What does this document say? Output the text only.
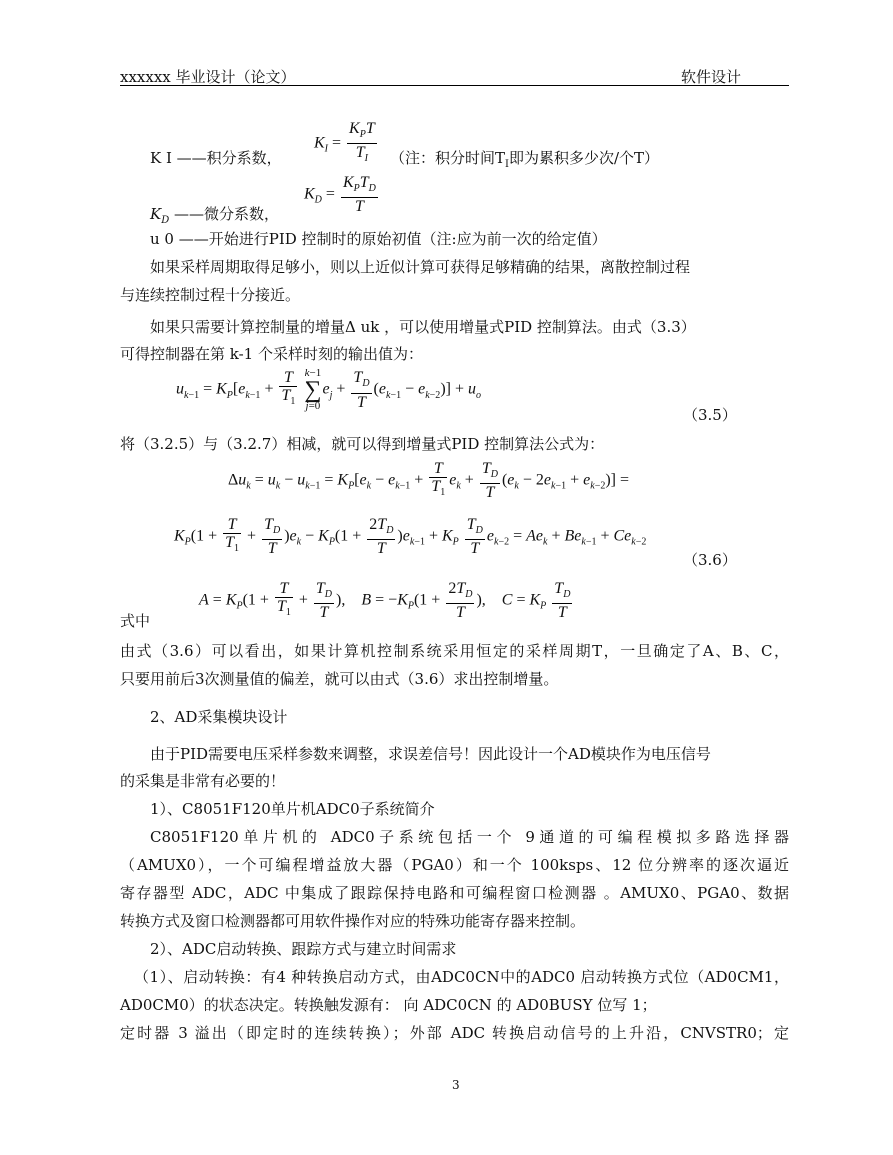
xxxxxx 毕业设计（论文）	软件设计
K I ——积分系数，
$K_I = \frac{K_PT}{T_I}$ （注：积分时间$T_I$即为累积多少次/个T）
$K_D$ ——微分系数，
$K_D = \frac{K_PT_D}{T}$
u 0 ——开始进行PID 控制时的原始初值（注:应为前一次的给定值）
如果采样周期取得足够小，则以上近似计算可获得足够精确的结果，离散控制过程
与连续控制过程十分接近。
如果只需要计算控制量的增量Δ uk ，可以使用增量式PID 控制算法。由式（3.3）
可得控制器在第 k-1 个采样时刻的输出值为：
$u_{k-1} = K_P[e_{k-1} + \frac{T}{T_1} k-1$
∑
$j=0e_j + \frac{T_D}{T} (e_{k-1} - e_{k-2})] + u_o$
（3.5）
将（3.2.5）与（3.2.7）相减，就可以得到增量式PID 控制算法公式为：
$\Delta u_k = u_k - u_{k-1} = K_P[e_k - e_{k-1} + \frac{T}{T_1} e_k + \frac{T_D}{T} (e_k - 2e_{k-1} + e_{k-2})]$ =
$K_P(1 + \frac{T}{T_1} + \frac{T_D}{T} )e_k - K_P(1 + \frac{2T_D}{T} )e_{k-1} + K_P \frac{T_D}{T} e_{k-2} = Ae_k + Be_{k-1} + Ce_{k-2}$
（3.6）
$A = K_P(1 + \frac{T}{T_1} + \frac{T_D}{T}$ ),    $B = -K_P(1 + \frac{2T_D}{T}$ ),    $C = K_P \frac{T_D}{T}$
式中
由式（3.6）可以看出，如果计算机控制系统采用恒定的采样周期T，一旦确定了A、B、C，
只要用前后3次测量值的偏差，就可以由式（3.6）求出控制增量。
2、AD采集模块设计
由于PID需要电压采样参数来调整，求误差信号！因此设计一个AD模块作为电压信号
的采集是非常有必要的！
1）、C8051F120单片机ADC0子系统简介
C8051F120单片机的 ADC0子系统包括一个 9通道的可编程模拟多路选择器
（AMUX0），一个可编程增益放大器（PGA0）和一个 100ksps、12 位分辨率的逐次逼近
寄存器型 ADC，ADC 中集成了跟踪保持电路和可编程窗口检测器 。AMUX0、PGA0、数据
转换方式及窗口检测器都可用软件操作对应的特殊功能寄存器来控制。
2）、ADC启动转换、跟踪方式与建立时间需求
（1）、启动转换：有4 种转换启动方式，由ADC0CN中的ADC0 启动转换方式位（AD0CM1，
AD0CM0）的状态决定。转换触发源有： 向 ADC0CN 的 AD0BUSY 位写 1；
定时器 3 溢出（即定时的连续转换）；外部 ADC 转换启动信号的上升沿，CNVSTR0；定
3
